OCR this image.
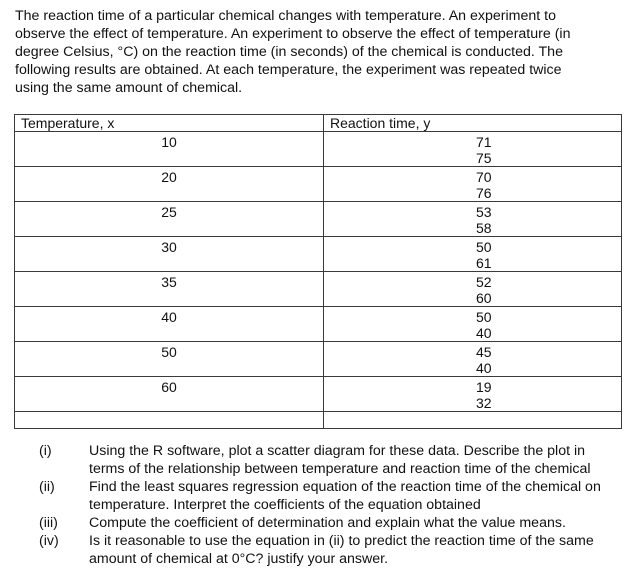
The reaction time of a particular chemical changes with temperature. An experiment to
observe the effect of temperature. An experiment to observe the effect of temperature (in
degree Celsius, °C) on the reaction time (in seconds) of the chemical is conducted. The
following results are obtained. At each temperature, the experiment was repeated twice
using the same amount of chemical.
Temperature, x	Reaction time, y
10	71
75

20	70
76

25	53
58

30	50
61

35	52
60

40	50
40

50	45
40

60	19
32

(i)	Using the R software, plot a scatter diagram for these data. Describe the plot in
terms of the relationship between temperature and reaction time of the chemical
(ii) Find the least squares regression equation of the reaction time of the chemical on
temperature. Interpret the coefficients of the equation obtained
(iii) Compute the coefficient of determination and explain what the value means.
(iv) Is it reasonable to use the equation in (ii) to predict the reaction time of the same
amount of chemical at 0°C? justify your answer.
